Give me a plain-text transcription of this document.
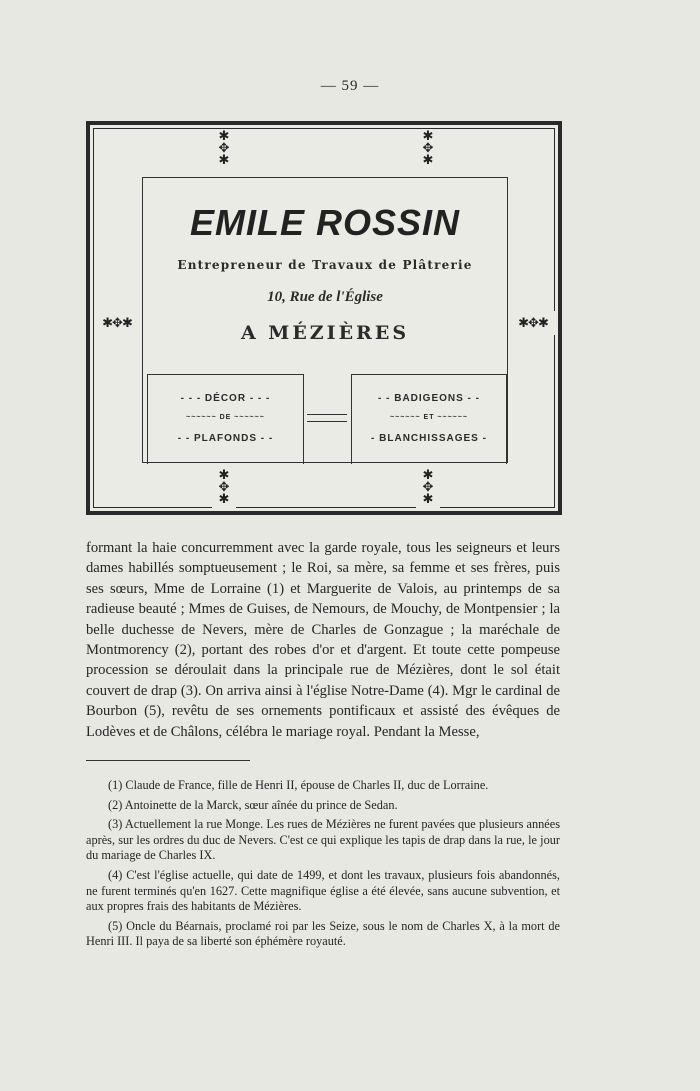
— 59 —
✱
✥
✱
✱
✥
✱
✱
✥
✱
✱
✥
✱
✱✥✱	✱✥✱
EMILE ROSSIN
Entrepreneur de Travaux de Plâtrerie
10, Rue de l'Église
A MÉZIÈRES
- - - DÉCOR - - -
~~~~~~ DE ~~~~~~
- - PLAFONDS - -
- - BADIGEONS - -
~~~~~~ ET ~~~~~~
- BLANCHISSAGES -

formant la haie concurremment avec la garde royale, tous les seigneurs et leurs dames habillés somptueusement ; le Roi, sa mère, sa femme et ses frères, puis ses sœurs, Mme de Lorraine (1) et Marguerite de Valois, au printemps de sa radieuse beauté ; Mmes de Guises, de Nemours, de Mouchy, de Montpensier ; la belle duchesse de Nevers, mère de Charles de Gonzague ; la maréchale de Montmorency (2), portant des robes d'or et d'argent. Et toute cette pompeuse procession se déroulait dans la principale rue de Mézières, dont le sol était couvert de drap (3). On arriva ainsi à l'église Notre-Dame (4). Mgr le cardinal de Bourbon (5), revêtu de ses ornements pontificaux et assisté des évêques de Lodèves et de Châlons, célébra le mariage royal. Pendant la Messe,

(1) Claude de France, fille de Henri II, épouse de Charles II, duc de Lorraine.

(2) Antoinette de la Marck, sœur aînée du prince de Sedan.

(3) Actuellement la rue Monge. Les rues de Mézières ne furent pavées que plusieurs années après, sur les ordres du duc de Nevers. C'est ce qui explique les tapis de drap dans la rue, le jour du mariage de Charles IX.

(4) C'est l'église actuelle, qui date de 1499, et dont les travaux, plusieurs fois abandonnés, ne furent terminés qu'en 1627. Cette magnifique église a été élevée, sans aucune subvention, et aux propres frais des habitants de Mézières.

(5) Oncle du Béarnais, proclamé roi par les Seize, sous le nom de Charles X, à la mort de Henri III. Il paya de sa liberté son éphémère royauté.
